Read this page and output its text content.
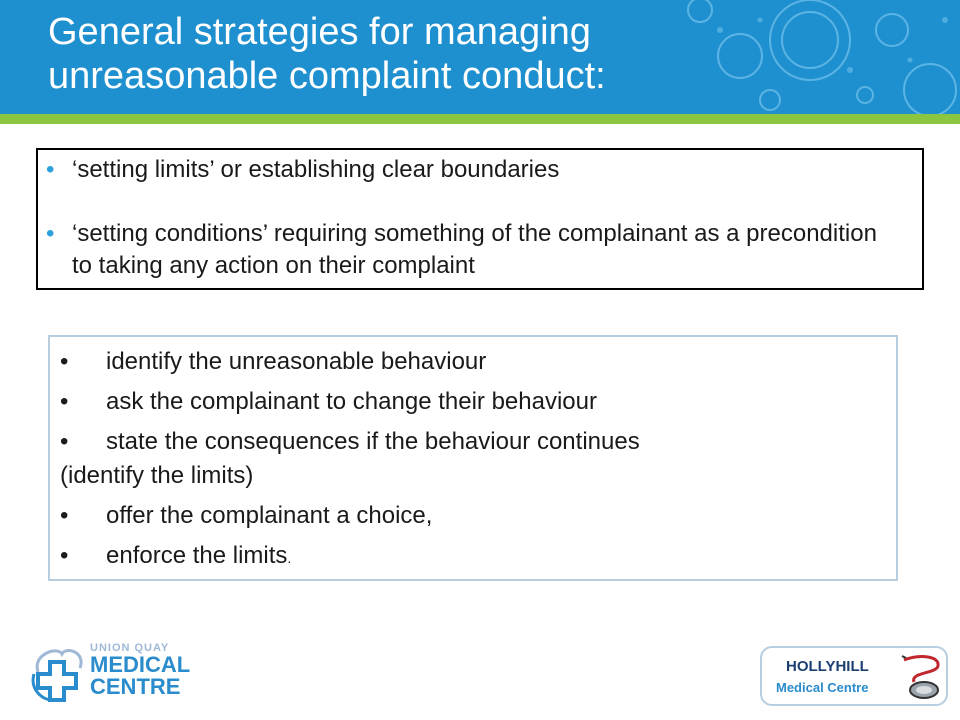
General strategies for managing
unreasonable complaint conduct:
• ‘setting limits’ or establishing clear boundaries
• ‘setting conditions’ requiring something of the complainant as a precondition to taking any action on their complaint
• identify the unreasonable behaviour
• ask the complainant to change their behaviour
• state the consequences if the behaviour continues
(identify the limits)
• offer the complainant a choice,
• enforce the limits.
UNION QUAY
MEDICAL
CENTRE
HOLLYHILL
Medical Centre
